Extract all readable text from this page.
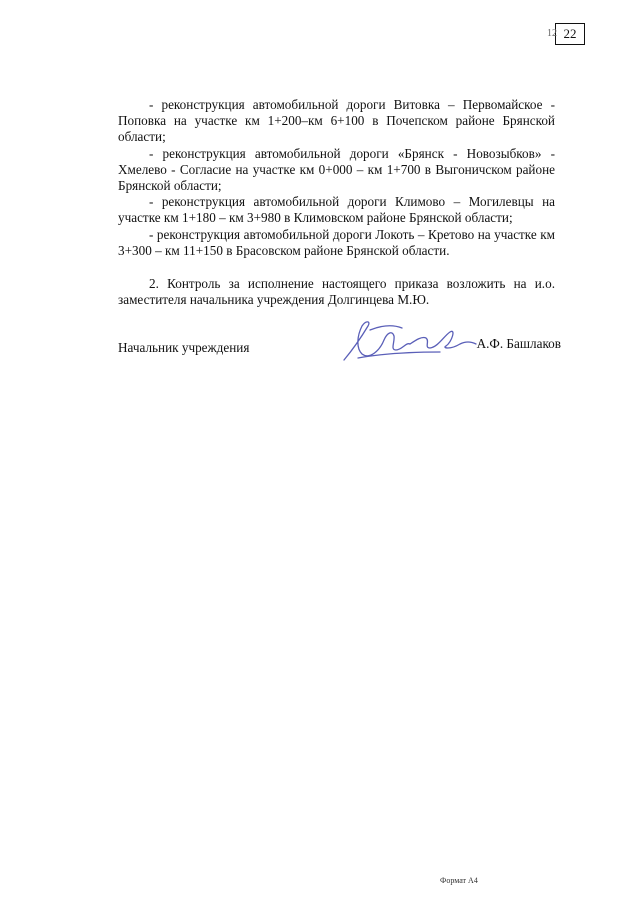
12 22

- реконструкция автомобильной дороги Витовка – Первомайское - Поповка на участке км 1+200–км 6+100 в Почепском районе Брянской области;

- реконструкция автомобильной дороги «Брянск - Новозыбков» - Хмелево - Согласие на участке км 0+000 – км 1+700 в Выгоничском районе Брянской области;

- реконструкция автомобильной дороги Климово – Могилевцы на участке км 1+180 – км 3+980 в Климовском районе Брянской области;

- реконструкция автомобильной дороги Локоть – Кретово на участке км 3+300 – км 11+150 в Брасовском районе Брянской области.

2. Контроль за исполнение настоящего приказа возложить на и.о. заместителя начальника учреждения Долгинцева М.Ю.

Начальник учреждения	А.Ф. Башлаков
Формат А4
